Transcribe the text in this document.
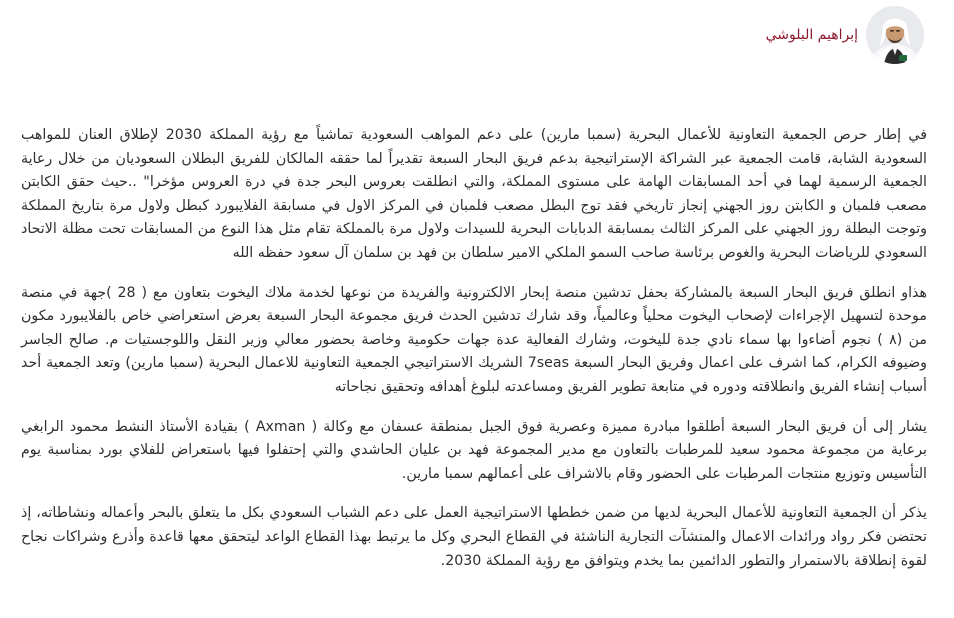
إبراهيم البلوشي

في إطار حرص الجمعية التعاونية للأعمال البحرية (سمبا مارين) على دعم المواهب السعودية تماشياً مع رؤية المملكة 2030 لإطلاق العنان للمواهب السعودية الشابة، قامت الجمعية عبر الشراكة الإستراتيجية بدعم فريق البحار السبعة تقديراً لما حققه المالكان للفريق البطلان السعوديان من خلال رعاية الجمعية الرسمية لهما في أحد المسابقات الهامة على مستوى المملكة، والتي انطلقت بعروس البحر جدة في درة العروس مؤخرا" ..حيث حقق الكابتن مصعب فلمبان و الكابتن روز الجهني إنجاز تاريخي فقد توج البطل مصعب فلمبان في المركز الاول في مسابقة الفلايبورد كبطل ولاول مرة بتاريخ المملكة وتوجت البطلة روز الجهني على المركز الثالث بمسابقة الدبابات البحرية للسيدات ولاول مرة بالمملكة تقام مثل هذا النوع من المسابقات تحت مظلة الاتحاد السعودي للرياضات البحرية والغوص برئاسة صاحب السمو الملكي الامير سلطان بن فهد بن سلمان آل سعود حفظه الله

هذاو انطلق فريق البحار السبعة بالمشاركة بحفل تدشين منصة إبحار الالكترونية والفريدة من نوعها لخدمة ملاك اليخوت بتعاون مع ( 28 )جهة في منصة موحدة لتسهيل الإجراءات لإصحاب اليخوت محلياً وعالمياً، وقد شارك تدشين الحدث فريق مجموعة البحار السبعة بعرض استعراضي خاص بالفلايبورد مكون من (٨ ) نجوم أضاءوا بها سماء نادي جدة لليخوت، وشارك الفعالية عدة جهات حكومية وخاصة بحضور معالي وزير النقل واللوجستيات م. صالح الجاسر وضيوفه الكرام، كما اشرف على اعمال وفريق البحار السبعة 7seas الشريك الاستراتيجي الجمعية التعاونية للاعمال البحرية (سمبا مارين) وتعد الجمعية أحد أسباب إنشاء الفريق وانطلاقته ودوره في متابعة تطوير الفريق ومساعدته لبلوغ أهدافه وتحقيق نجاحاته

يشار إلى أن فريق البحار السبعة أطلقوا مبادرة مميزة وعصرية فوق الجبل بمنطقة عسفان مع وكالة ( Axman ) بقيادة الأستاذ النشط محمود الرابغي برعاية من مجموعة محمود سعيد للمرطبات بالتعاون مع مدير المجموعة فهد بن عليان الحاشدي والتي إحتفلوا فيها باستعراض للفلاي بورد بمناسبة يوم التأسيس وتوزيع منتجات المرطبات على الحضور وقام بالاشراف على أعمالهم سمبا مارين.

يذكر أن الجمعية التعاونية للأعمال البحرية لديها من ضمن خططها الاستراتيجية العمل على دعم الشباب السعودي بكل ما يتعلق بالبحر وأعماله ونشاطاته، إذ تحتضن فكر رواد ورائدات الاعمال والمنشآت التجارية الناشئة في القطاع البحري وكل ما يرتبط بهذا القطاع الواعد ليتحقق معها قاعدة وأذرع وشراكات نجاح لقوة إنطلاقة بالاستمرار والتطور الدائمين بما يخدم ويتوافق مع رؤية المملكة 2030.
